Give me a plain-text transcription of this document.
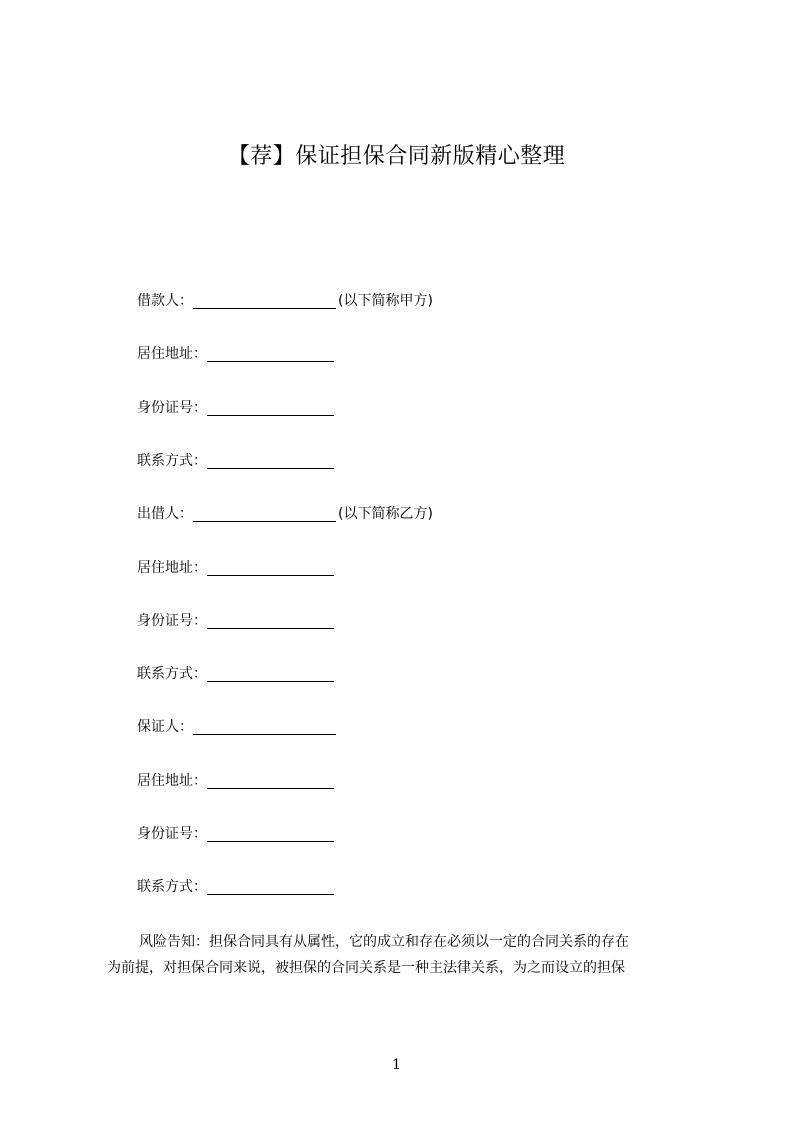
【荐】保证担保合同新版精心整理
借款人：	(以下简称甲方)
居住地址：
身份证号：
联系方式：
出借人：	(以下简称乙方)
居住地址：
身份证号：
联系方式：
保证人：
居住地址：
身份证号：
联系方式：
风险告知：担保合同具有从属性，它的成立和存在必须以一定的合同关系的存在
为前提，对担保合同来说，被担保的合同关系是一种主法律关系，为之而设立的担保
1
